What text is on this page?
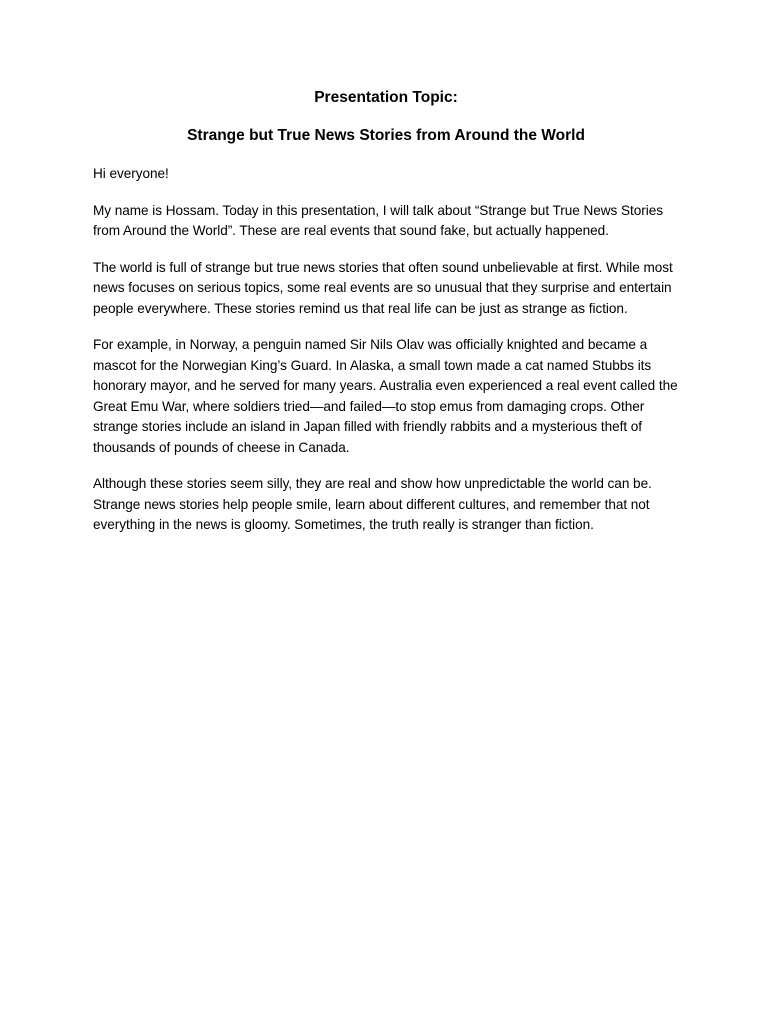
Presentation Topic:
Strange but True News Stories from Around the World

Hi everyone!

My name is Hossam. Today in this presentation, I will talk about “Strange but True News Stories from Around the World”. These are real events that sound fake, but actually happened.

The world is full of strange but true news stories that often sound unbelievable at first. While most news focuses on serious topics, some real events are so unusual that they surprise and entertain people everywhere. These stories remind us that real life can be just as strange as fiction.

For example, in Norway, a penguin named Sir Nils Olav was officially knighted and became a mascot for the Norwegian King’s Guard. In Alaska, a small town made a cat named Stubbs its honorary mayor, and he served for many years. Australia even experienced a real event called the Great Emu War, where soldiers tried—and failed—to stop emus from damaging crops. Other strange stories include an island in Japan filled with friendly rabbits and a mysterious theft of thousands of pounds of cheese in Canada.

Although these stories seem silly, they are real and show how unpredictable the world can be. Strange news stories help people smile, learn about different cultures, and remember that not everything in the news is gloomy. Sometimes, the truth really is stranger than fiction.
